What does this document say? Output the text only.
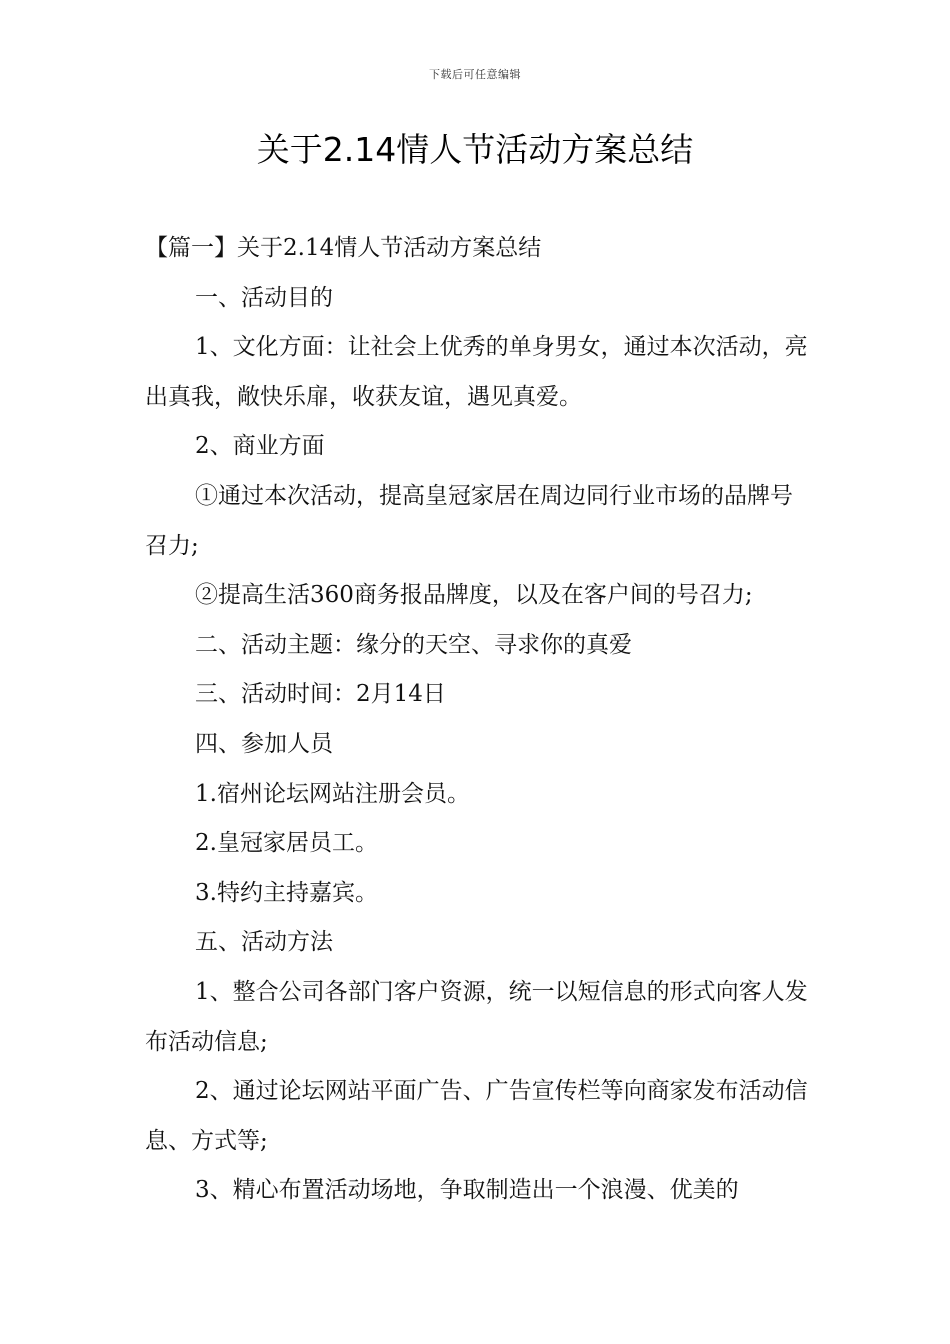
下载后可任意编辑
关于2.14情人节活动方案总结

【篇一】关于2.14情人节活动方案总结

一、活动目的

1、文化方面：让社会上优秀的单身男女，通过本次活动，亮出真我，敞快乐扉，收获友谊，遇见真爱。

2、商业方面

①通过本次活动，提高皇冠家居在周边同行业市场的品牌号召力;

②提高生活360商务报品牌度，以及在客户间的号召力;

二、活动主题：缘分的天空、寻求你的真爱

三、活动时间：2月14日

四、参加人员

1.宿州论坛网站注册会员。

2.皇冠家居员工。

3.特约主持嘉宾。

五、活动方法

1、整合公司各部门客户资源，统一以短信息的形式向客人发布活动信息;

2、通过论坛网站平面广告、广告宣传栏等向商家发布活动信息、方式等;

3、精心布置活动场地，争取制造出一个浪漫、优美的
